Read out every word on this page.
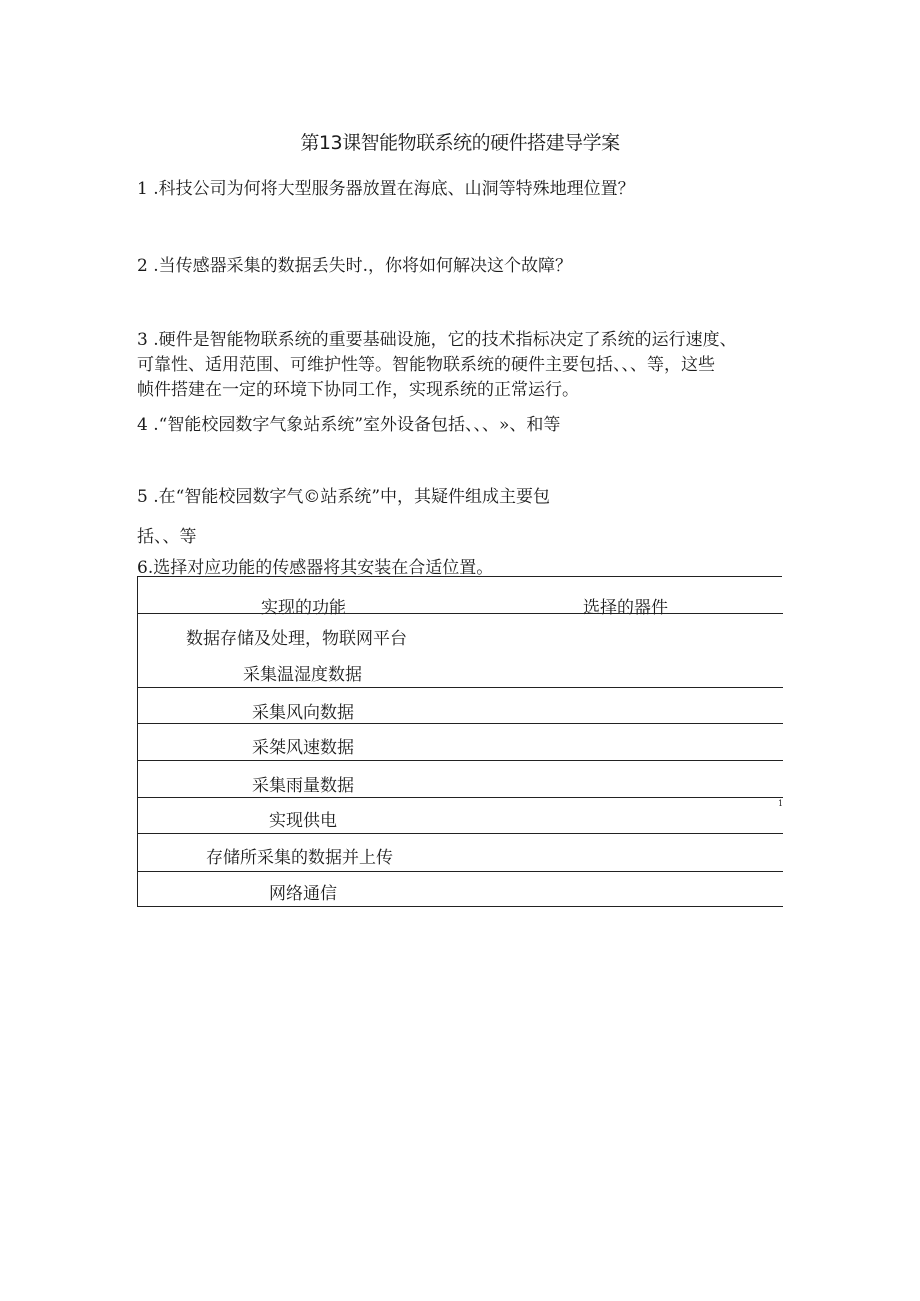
第13课智能物联系统的硬件搭建导学案
1 .科技公司为何将大型服务器放置在海底、山洞等特殊地理位置？
2 .当传感器采集的数据丢失时.，你将如何解决这个故障？
3 .硬件是智能物联系统的重要基础设施，它的技术指标决定了系统的运行速度、
可靠性、适用范围、可维护性等。智能物联系统的硬件主要包括、、、等，这些
帧件搭建在一定的环境下协同工作，实现系统的正常运行。
4 .“智能校园数字气象站系统”室外设备包括、、、»、和等
5 .在“智能校园数字气©站系统”中，其疑件组成主要包
括、、等
6.选择对应功能的传感器将其安装在合适位置。
实现的功能	选择的器件
数据存储及处理，物联网平台
采集温湿度数据
采集风向数据
采桀风速数据
采集雨量数据
1
实现供电
存储所采集的数据并上传
网络通信
